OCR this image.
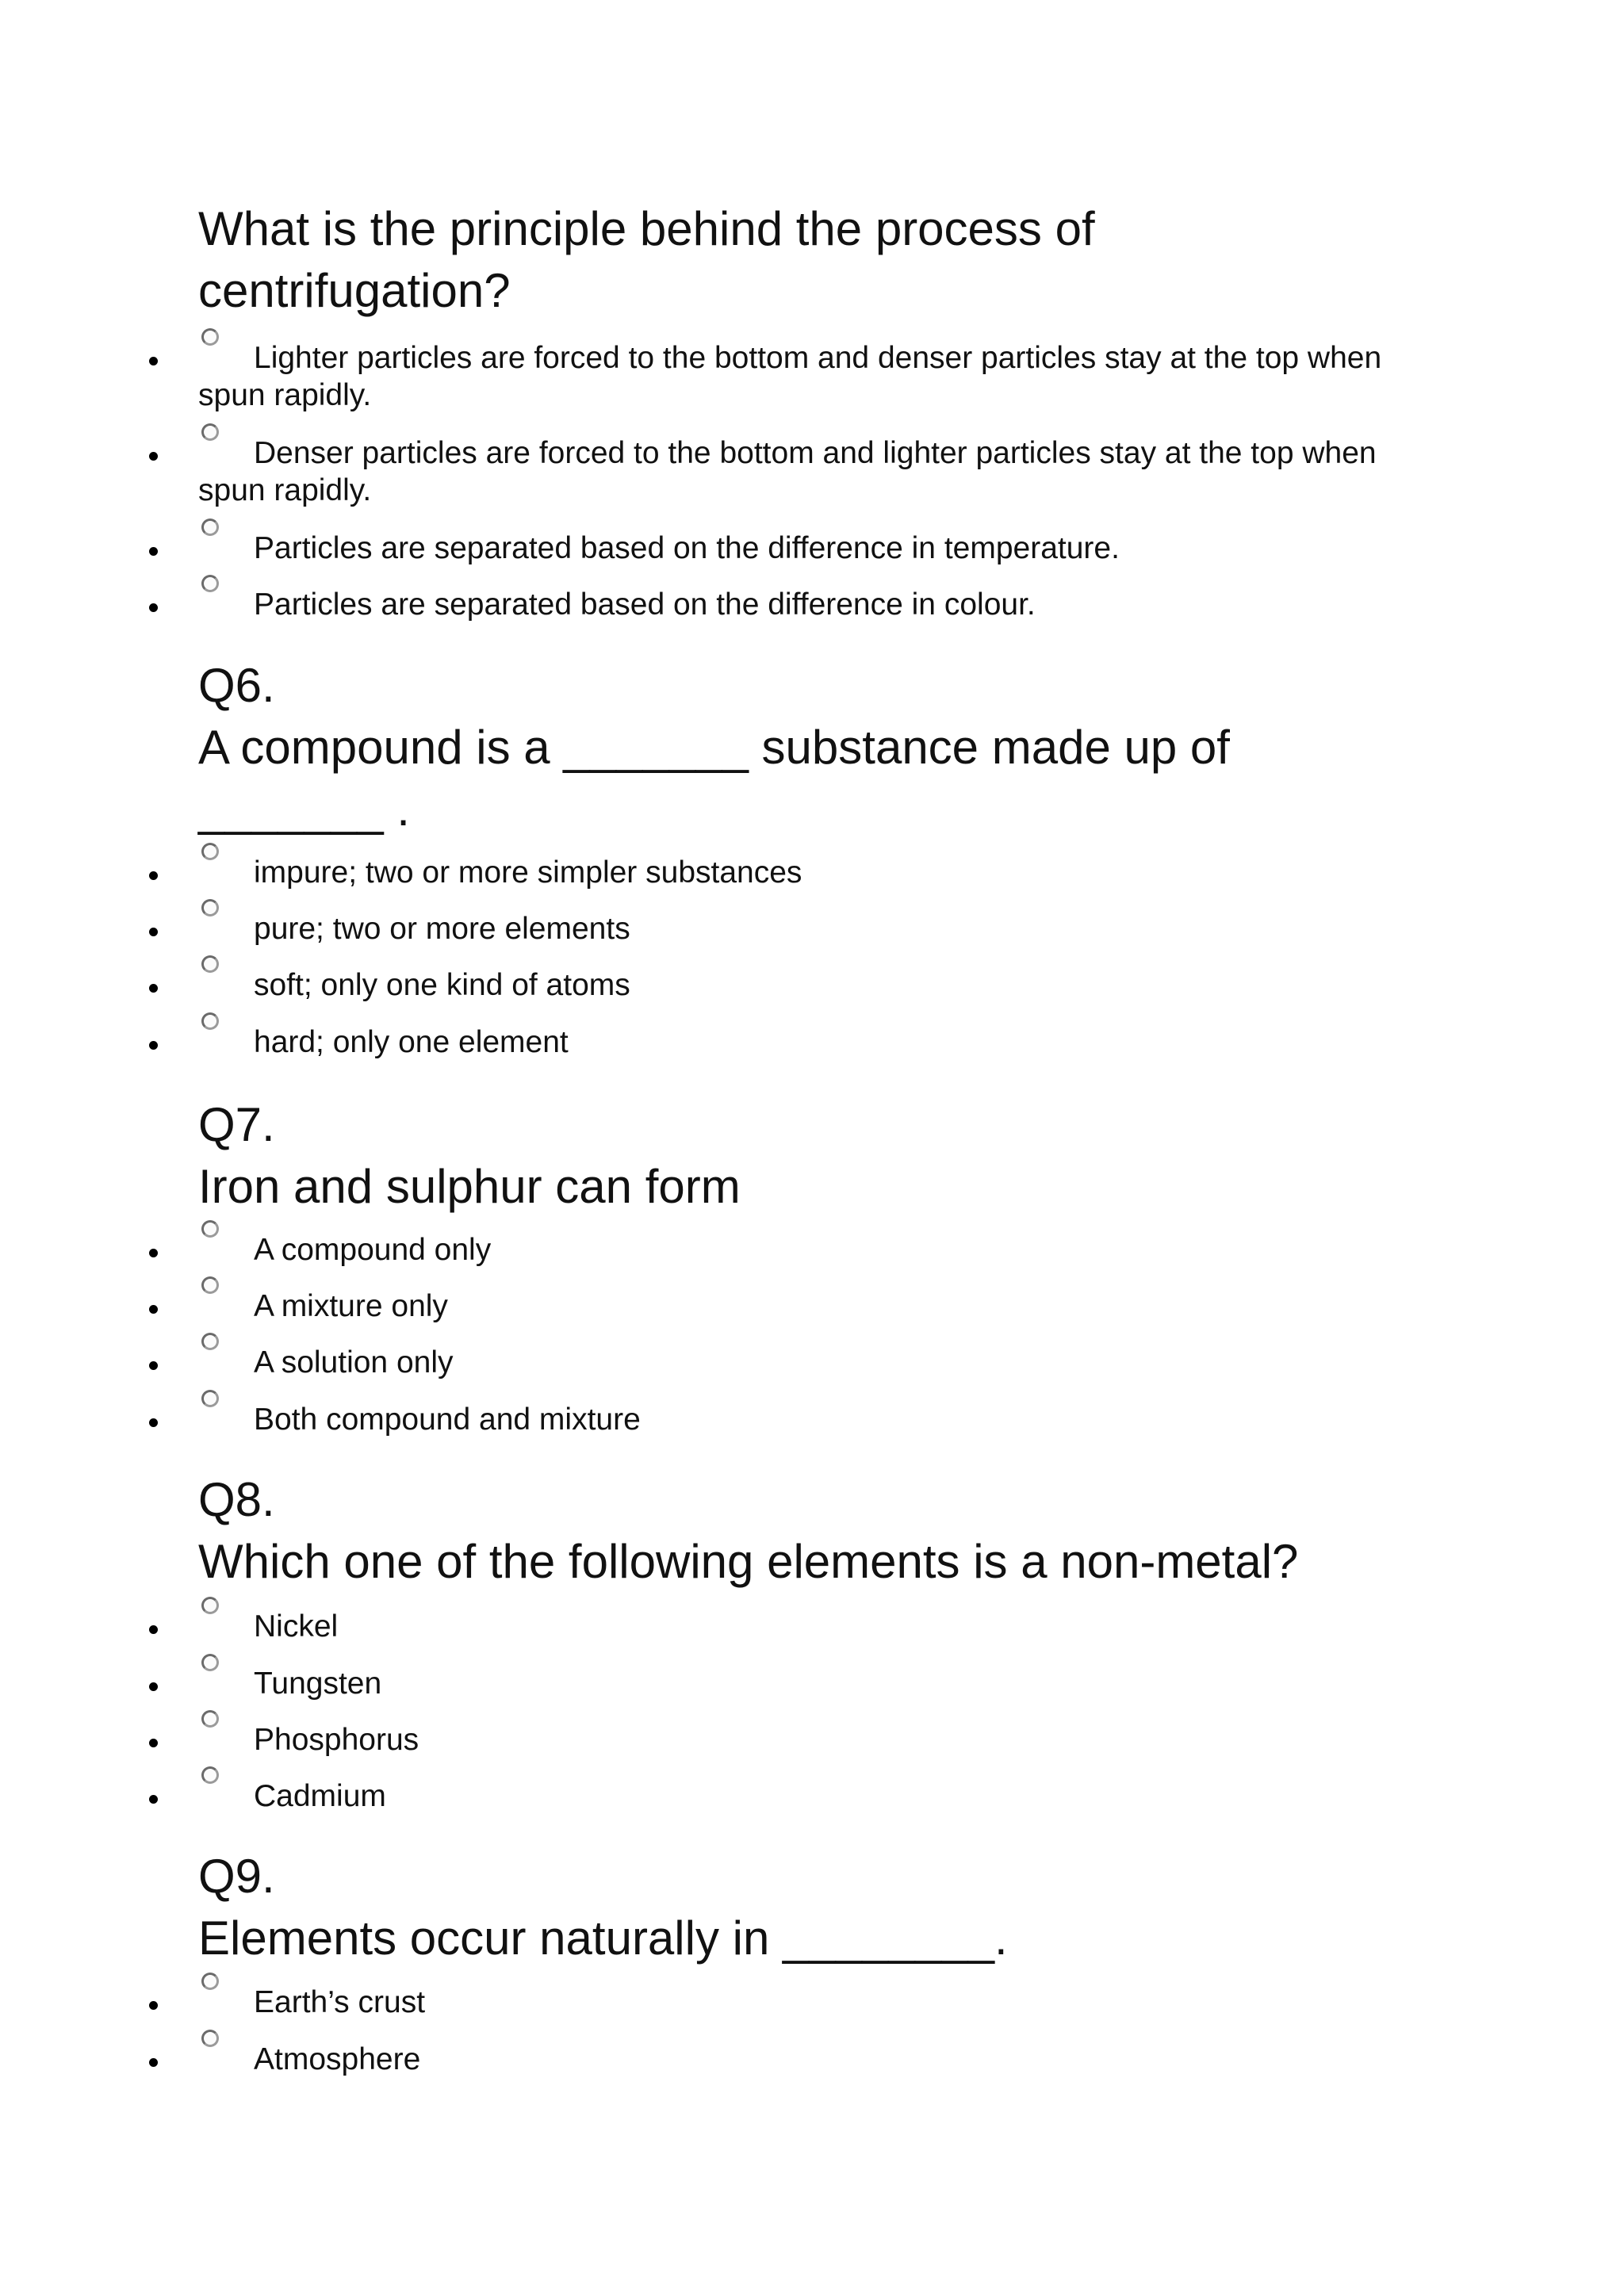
What is the principle behind the process of
centrifugation?
Lighter particles are forced to the bottom and denser particles stay at the top when spun rapidly.
Denser particles are forced to the bottom and lighter particles stay at the top when spun rapidly.
Particles are separated based on the difference in temperature.
Particles are separated based on the difference in colour.
Q6.
A compound is a _______ substance made up of
_______ .
impure; two or more simpler substances
pure; two or more elements
soft; only one kind of atoms
hard; only one element
Q7.
Iron and sulphur can form
A compound only
A mixture only
A solution only
Both compound and mixture
Q8.
Which one of the following elements is a non-metal?
Nickel
Tungsten
Phosphorus
Cadmium
Q9.
Elements occur naturally in ________.
Earth’s crust
Atmosphere
